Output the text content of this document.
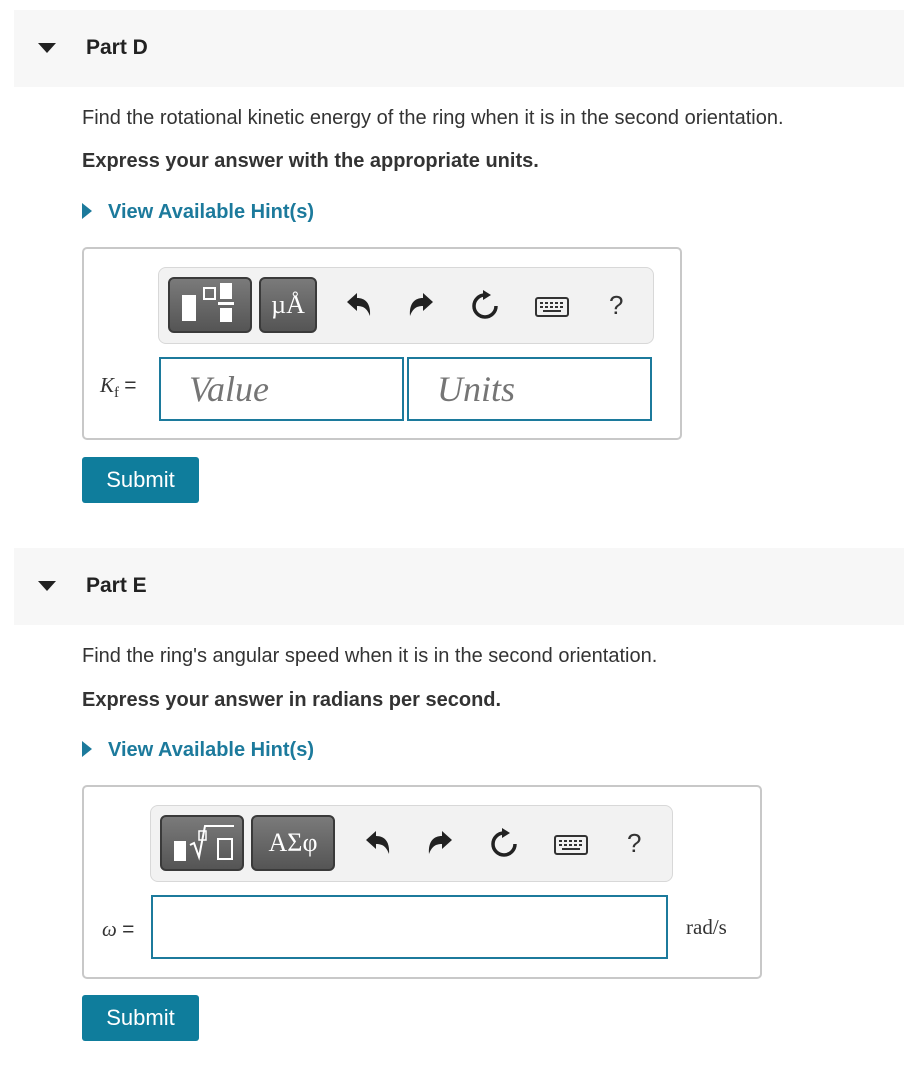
Part D
Find the rotational kinetic energy of the ring when it is in the second orientation.
Express your answer with the appropriate units.
View Available Hint(s)
µÅ	?
$K_f$ =
Value
Units
Submit
Part E
Find the ring's angular speed when it is in the second orientation.
Express your answer in radians per second.
View Available Hint(s)
ΑΣφ	?
ω =	rad/s
Submit
